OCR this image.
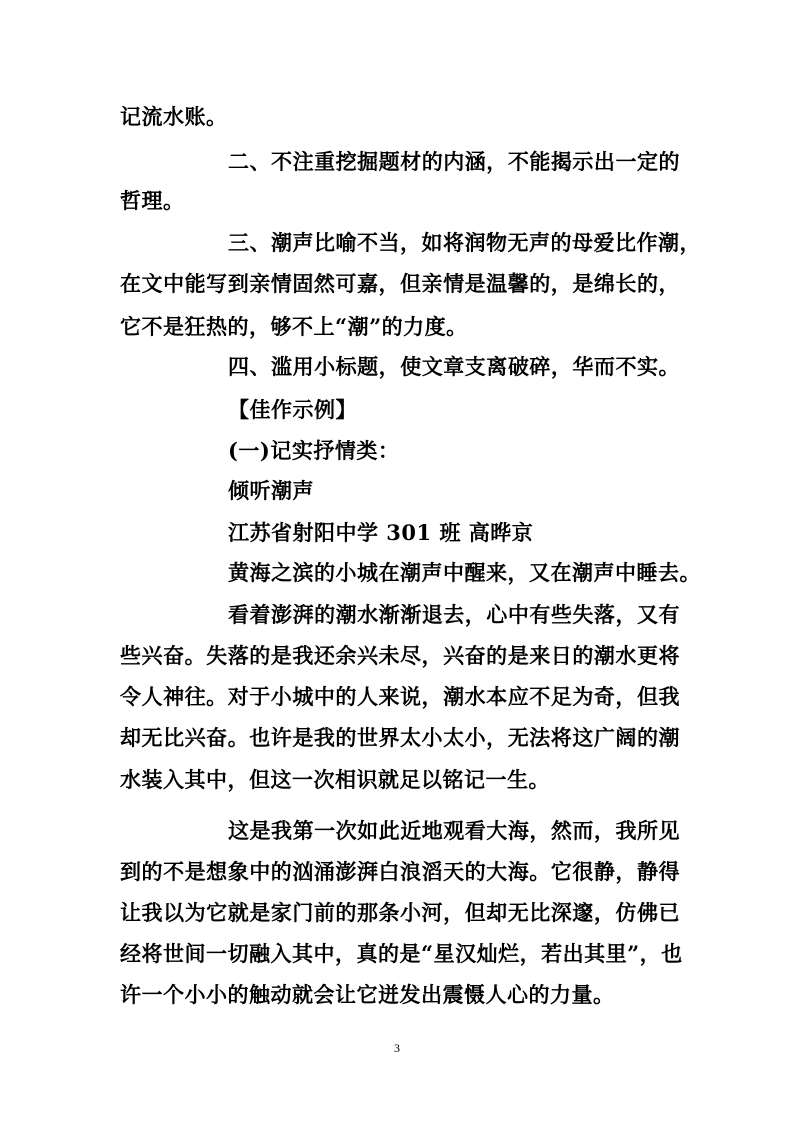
记流水账。
二、不注重挖掘题材的内涵，不能揭示出一定的
哲理。
三、潮声比喻不当，如将润物无声的母爱比作潮，
在文中能写到亲情固然可嘉，但亲情是温馨的，是绵长的，
它不是狂热的，够不上“潮”的力度。
四、滥用小标题，使文章支离破碎，华而不实。
【佳作示例】
(一)记实抒情类：
倾听潮声
江苏省射阳中学 301 班 高晔京
黄海之滨的小城在潮声中醒来，又在潮声中睡去。
看着澎湃的潮水渐渐退去，心中有些失落，又有
些兴奋。失落的是我还余兴未尽，兴奋的是来日的潮水更将
令人神往。对于小城中的人来说，潮水本应不足为奇，但我
却无比兴奋。也许是我的世界太小太小，无法将这广阔的潮
水装入其中，但这一次相识就足以铭记一生。
这是我第一次如此近地观看大海，然而，我所见
到的不是想象中的汹涌澎湃白浪滔天的大海。它很静，静得
让我以为它就是家门前的那条小河，但却无比深邃，仿佛已
经将世间一切融入其中，真的是“星汉灿烂，若出其里”，也
许一个小小的触动就会让它迸发出震慑人心的力量。
3
